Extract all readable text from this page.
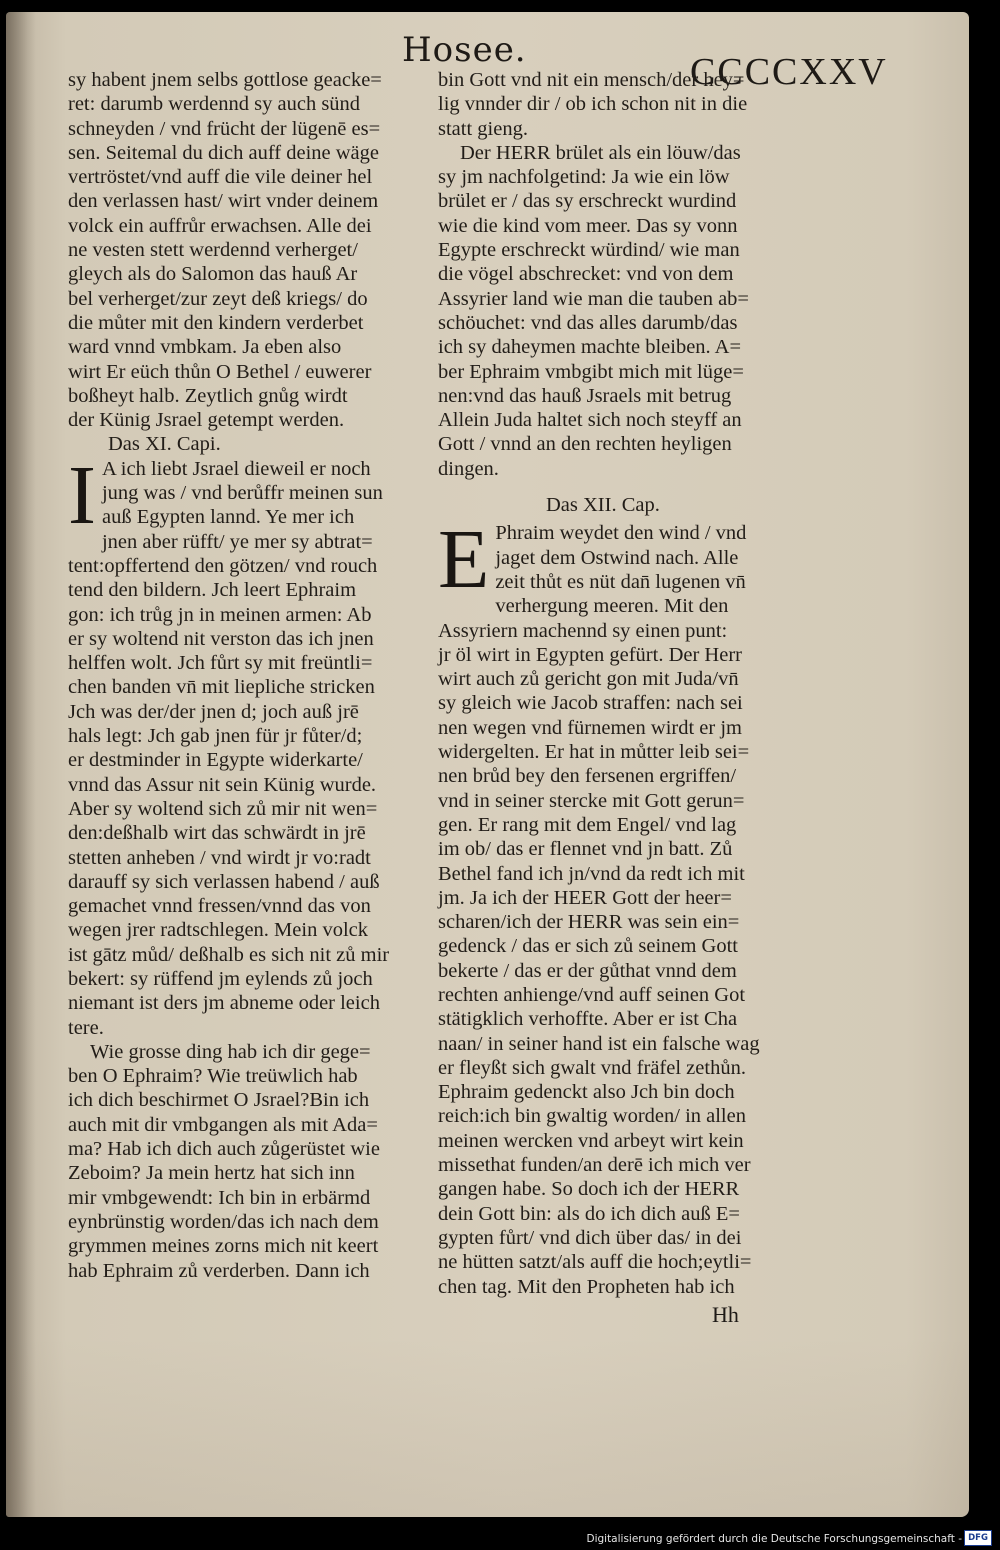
Hosee.
CCCCXXV
sy habent jnem selbs gottlose geacke=
ret: darumb werdennd sy auch sünd
schneyden / vnd frücht der lügenē es=
sen. Seitemal du dich auff deine wäge
vertröstet/vnd auff die vile deiner hel
den verlassen hast/ wirt vnder deinem
volck ein auffrůr erwachsen. Alle dei
ne vesten stett werdennd verherget/
gleych als do Salomon das hauß Ar
bel verherget/zur zeyt deß kriegs/ do
die můter mit den kindern verderbet
ward vnnd vmbkam. Ja eben also
wirt Er eüch thůn O Bethel / euwerer
boßheyt halb. Zeytlich gnůg wirdt
der Künig Jsrael getempt werden.
Das XI. Capi.
I A ich liebt Jsrael dieweil er noch
jung was / vnd berůffr meinen sun
auß Egypten lannd. Ye mer ich
jnen aber rüfft/ ye mer sy abtrat=
tent:opffertend den götzen/ vnd rouch
tend den bildern. Jch leert Ephraim
gon: ich trůg jn in meinen armen: Ab
er sy woltend nit verston das ich jnen
helffen wolt. Jch fůrt sy mit freüntli=
chen banden vn̄ mit liepliche stricken
Jch was der/der jnen d; joch auß jrē
hals legt: Jch gab jnen für jr fůter/d;
er destminder in Egypte widerkarte/
vnnd das Assur nit sein Künig wurde.
Aber sy woltend sich zů mir nit wen=
den:deßhalb wirt das schwärdt in jrē
stetten anheben / vnd wirdt jr vo:radt
darauff sy sich verlassen habend / auß
gemachet vnnd fressen/vnnd das von
wegen jrer radtschlegen. Mein volck
ist gātz můd/ deßhalb es sich nit zů mir
bekert: sy rüffend jm eylends zů joch
niemant ist ders jm abneme oder leich
tere.
Wie grosse ding hab ich dir gege=
ben O Ephraim? Wie treüwlich hab
ich dich beschirmet O Jsrael?Bin ich
auch mit dir vmbgangen als mit Ada=
ma? Hab ich dich auch zůgerüstet wie
Zeboim? Ja mein hertz hat sich inn
mir vmbgewendt: Ich bin in erbärmd
eynbrünstig worden/das ich nach dem
grymmen meines zorns mich nit keert
hab Ephraim zů verderben. Dann ich
bin Gott vnd nit ein mensch/der hey=
lig vnnder dir / ob ich schon nit in die
statt gieng.
Der HERR brület als ein löuw/das
sy jm nachfolgetind: Ja wie ein löw
brület er / das sy erschreckt wurdind
wie die kind vom meer. Das sy vonn
Egypte erschreckt würdind/ wie man
die vögel abschrecket: vnd von dem
Assyrier land wie man die tauben ab=
schöuchet: vnd das alles darumb/das
ich sy daheymen machte bleiben. A=
ber Ephraim vmbgibt mich mit lüge=
nen:vnd das hauß Jsraels mit betrug
Allein Juda haltet sich noch steyff an
Gott / vnnd an den rechten heyligen
dingen.
Das XII. Cap.
E Phraim weydet den wind / vnd
jaget dem Ostwind nach. Alle
zeit thůt es nüt dan̄ lugenen vn̄
verhergung meeren. Mit den
Assyriern machennd sy einen punt:
jr öl wirt in Egypten gefürt. Der Herr
wirt auch zů gericht gon mit Juda/vn̄
sy gleich wie Jacob straffen: nach sei
nen wegen vnd fürnemen wirdt er jm
widergelten. Er hat in můtter leib sei=
nen brůd bey den fersenen ergriffen/
vnd in seiner stercke mit Gott gerun=
gen. Er rang mit dem Engel/ vnd lag
im ob/ das er flennet vnd jn batt. Zů
Bethel fand ich jn/vnd da redt ich mit
jm. Ja ich der HEER Gott der heer=
scharen/ich der HERR was sein ein=
gedenck / das er sich zů seinem Gott
bekerte / das er der gůthat vnnd dem
rechten anhienge/vnd auff seinen Got
stätigklich verhoffte. Aber er ist Cha
naan/ in seiner hand ist ein falsche wag
er fleyßt sich gwalt vnd fräfel zethůn.
Ephraim gedenckt also Jch bin doch
reich:ich bin gwaltig worden/ in allen
meinen wercken vnd arbeyt wirt kein
missethat funden/an derē ich mich ver
gangen habe. So doch ich der HERR
dein Gott bin: als do ich dich auß E=
gypten fůrt/ vnd dich über das/ in dei
ne hütten satzt/als auff die hoch;eytli=
chen tag. Mit den Propheten hab ich
Hh
Digitalisierung gefördert durch die Deutsche Forschungsgemeinschaft - DFG
